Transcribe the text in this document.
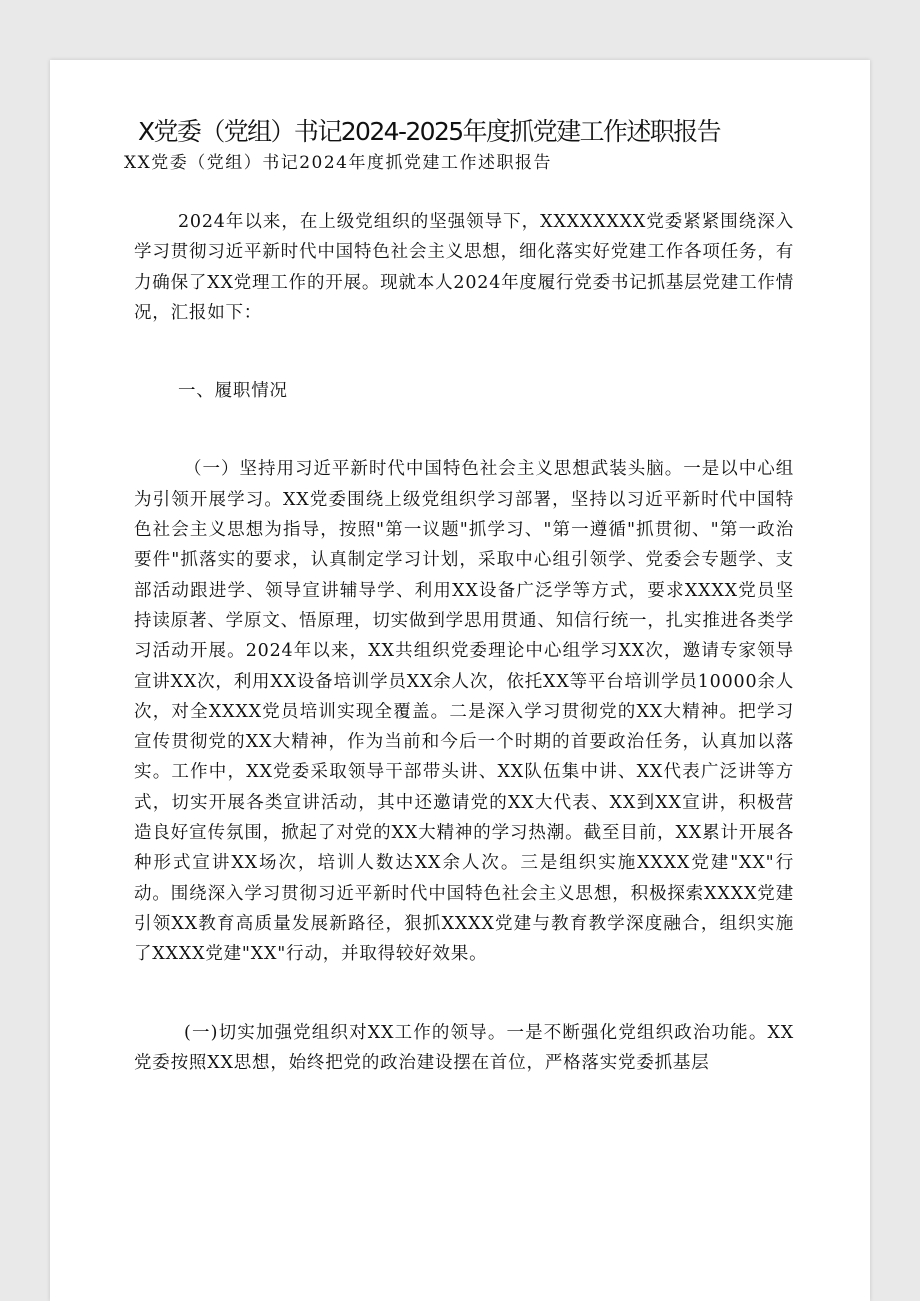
X党委（党组）书记2024-2025年度抓党建工作述职报告
XX党委（党组）书记2024年度抓党建工作述职报告

2024年以来，在上级党组织的坚强领导下，XXXXXXXX党委紧紧围绕深入学习贯彻习近平新时代中国特色社会主义思想，细化落实好党建工作各项任务，有力确保了XX党理工作的开展。现就本人2024年度履行党委书记抓基层党建工作情况，汇报如下：

一、履职情况

（一）坚持用习近平新时代中国特色社会主义思想武装头脑。一是以中心组为引领开展学习。XX党委围绕上级党组织学习部署，坚持以习近平新时代中国特色社会主义思想为指导，按照"第一议题"抓学习、"第一遵循"抓贯彻、"第一政治要件"抓落实的要求，认真制定学习计划，采取中心组引领学、党委会专题学、支部活动跟进学、领导宣讲辅导学、利用XX设备广泛学等方式，要求XXXX党员坚持读原著、学原文、悟原理，切实做到学思用贯通、知信行统一，扎实推进各类学习活动开展。2024年以来，XX共组织党委理论中心组学习XX次，邀请专家领导宣讲XX次，利用XX设备培训学员XX余人次，依托XX等平台培训学员10000余人次，对全XXXX党员培训实现全覆盖。二是深入学习贯彻党的XX大精神。把学习宣传贯彻党的XX大精神，作为当前和今后一个时期的首要政治任务，认真加以落实。工作中，XX党委采取领导干部带头讲、XX队伍集中讲、XX代表广泛讲等方式，切实开展各类宣讲活动，其中还邀请党的XX大代表、XX到XX宣讲，积极营造良好宣传氛围，掀起了对党的XX大精神的学习热潮。截至目前，XX累计开展各种形式宣讲XX场次，培训人数达XX余人次。三是组织实施XXXX党建"XX"行动。围绕深入学习贯彻习近平新时代中国特色社会主义思想，积极探索XXXX党建引领XX教育高质量发展新路径，狠抓XXXX党建与教育教学深度融合，组织实施了XXXX党建"XX"行动，并取得较好效果。

(一)切实加强党组织对XX工作的领导。一是不断强化党组织政治功能。XX党委按照XX思想，始终把党的政治建设摆在首位，严格落实党委抓基层
